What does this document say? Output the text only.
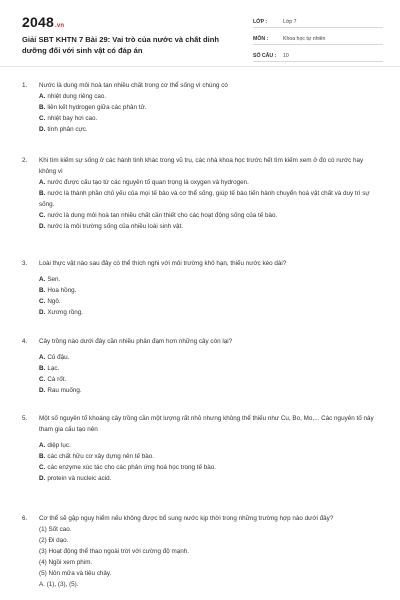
2048.vn
Giải SBT KHTN 7 Bài 29: Vai trò của nước và chất dinh dưỡng đối với sinh vật có đáp án
LỚP :	Lớp 7
MÔN :	Khoa học tự nhiên
SỐ CÂU :	10
1.	Nước là dung môi hoà tan nhiều chất trong cơ thể sống vì chúng có
A. nhiệt dung riêng cao.
B. liên kết hydrogen giữa các phân tử.
C. nhiệt bay hơi cao.
D. tính phân cực.
2.	Khi tìm kiếm sự sống ở các hành tinh khác trong vũ trụ, các nhà khoa học trước hết tìm kiếm xem ở đó có nước hay không vì
A. nước được cấu tạo từ các nguyên tố quan trọng là oxygen và hydrogen.
B. nước là thành phần chủ yếu của mọi tế bào và cơ thể sống, giúp tế bào tiến hành chuyển hoá vật chất và duy trì sự sống.
C. nước là dung môi hoà tan nhiều chất cần thiết cho các hoạt động sống của tế bào.
D. nước là môi trường sống của nhiều loài sinh vật.
3.	Loài thực vật nào sau đây có thể thích nghi với môi trường khô hạn, thiếu nước kéo dài?
A. Sen.
B. Hoa hồng.
C. Ngô.
D. Xương rồng.
4.	Cây trồng nào dưới đây cần nhiều phân đạm hơn những cây còn lại?
A. Củ đậu.
B. Lạc.
C. Cà rốt.
D. Rau muống.
5.	Một số nguyên tố khoáng cây trồng cần một lượng rất nhỏ nhưng không thể thiếu như Cu, Bo, Mo,... Các nguyên tố này tham gia cấu tạo nên
A. diệp lục.
B. các chất hữu cơ xây dựng nên tế bào.
C. các enzyme xúc tác cho các phản ứng hoá học trong tế bào.
D. protein và nucleic acid.
6.	Cơ thể sẽ gặp nguy hiểm nếu không được bổ sung nước kịp thời trong những trường hợp nào dưới đây?
(1) Sốt cao.
(2) Đi dạo.
(3) Hoạt động thể thao ngoài trời với cường độ mạnh.
(4) Ngồi xem phim.
(5) Nôn mửa và tiêu chảy.
A. (1), (3), (5).
